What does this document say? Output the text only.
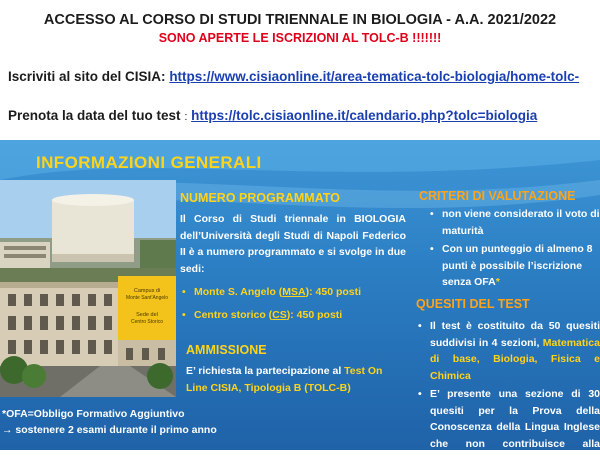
ACCESSO AL CORSO DI STUDI TRIENNALE IN BIOLOGIA - A.A. 2021/2022
SONO APERTE LE ISCRIZIONI AL TOLC-B !!!!!!!
Iscriviti al sito del CISIA: https://www.cisiaonline.it/area-tematica-tolc-biologia/home-tolc-
Prenota la data del tuo test : https://tolc.cisiaonline.it/calendario.php?tolc=biologia
INFORMAZIONI GENERALI
Campus di
Monte Sant'Angelo
Sede del
Centro Storico
NUMERO PROGRAMMATO
Il Corso di Studi triennale in BIOLOGIA dell’Università degli Studi di Napoli Federico II è a numero programmato e si svolge in due sedi:
• Monte S. Angelo (MSA): 450 posti
• Centro storico (CS): 450 posti
AMMISSIONE
E’ richiesta la partecipazione al Test On Line CISIA, Tipologia B (TOLC-B)
CRITERI DI VALUTAZIONE
• non viene considerato il voto di maturità
• Con un punteggio di almeno 8 punti è possibile l’iscrizione senza OFA*
QUESITI DEL TEST
• Il test è costituito da 50 quesiti suddivisi in 4 sezioni, Matematica di base, Biologia, Fisica e Chimica
• E’ presente una sezione di 30 quesiti per la Prova della Conoscenza della Lingua Inglese che non contribuisce alla formulazione del punteggio finale
*OFA=Obbligo Formativo Aggiuntivo
→ sostenere 2 esami durante il primo anno
